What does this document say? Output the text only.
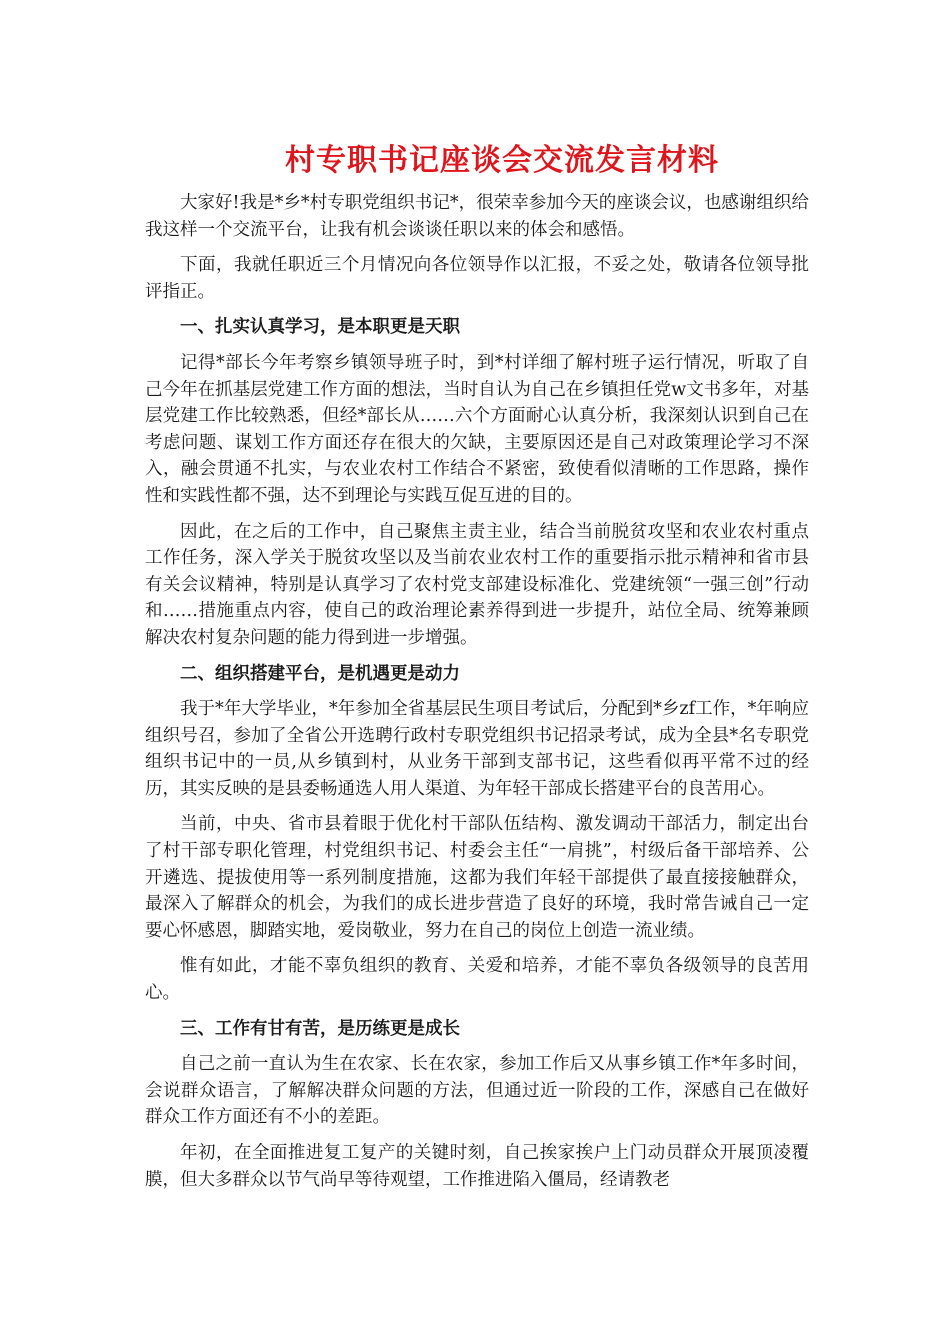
村专职书记座谈会交流发言材料

大家好!我是*乡*村专职党组织书记*，很荣幸参加今天的座谈会议，也感谢组织给我这样一个交流平台，让我有机会谈谈任职以来的体会和感悟。

下面，我就任职近三个月情况向各位领导作以汇报，不妥之处，敬请各位领导批评指正。

一、扎实认真学习，是本职更是天职

记得*部长今年考察乡镇领导班子时，到*村详细了解村班子运行情况，听取了自己今年在抓基层党建工作方面的想法，当时自认为自己在乡镇担任党w文书多年，对基层党建工作比较熟悉，但经*部长从……六个方面耐心认真分析，我深刻认识到自己在考虑问题、谋划工作方面还存在很大的欠缺，主要原因还是自己对政策理论学习不深入，融会贯通不扎实，与农业农村工作结合不紧密，致使看似清晰的工作思路，操作性和实践性都不强，达不到理论与实践互促互进的目的。

因此，在之后的工作中，自己聚焦主责主业，结合当前脱贫攻坚和农业农村重点工作任务，深入学关于脱贫攻坚以及当前农业农村工作的重要指示批示精神和省市县有关会议精神，特别是认真学习了农村党支部建设标准化、党建统领“一强三创”行动和……措施重点内容，使自己的政治理论素养得到进一步提升，站位全局、统筹兼顾解决农村复杂问题的能力得到进一步增强。

二、组织搭建平台，是机遇更是动力

我于*年大学毕业，*年参加全省基层民生项目考试后，分配到*乡zf工作，*年响应组织号召，参加了全省公开选聘行政村专职党组织书记招录考试，成为全县*名专职党组织书记中的一员,从乡镇到村，从业务干部到支部书记，这些看似再平常不过的经历，其实反映的是县委畅通选人用人渠道、为年轻干部成长搭建平台的良苦用心。

当前，中央、省市县着眼于优化村干部队伍结构、激发调动干部活力，制定出台了村干部专职化管理，村党组织书记、村委会主任“一肩挑”，村级后备干部培养、公开遴选、提拔使用等一系列制度措施，这都为我们年轻干部提供了最直接接触群众，最深入了解群众的机会，为我们的成长进步营造了良好的环境，我时常告诫自己一定要心怀感恩，脚踏实地，爱岗敬业，努力在自己的岗位上创造一流业绩。

惟有如此，才能不辜负组织的教育、关爱和培养，才能不辜负各级领导的良苦用心。

三、工作有甘有苦，是历练更是成长

自己之前一直认为生在农家、长在农家，参加工作后又从事乡镇工作*年多时间，会说群众语言，了解解决群众问题的方法，但通过近一阶段的工作，深感自己在做好群众工作方面还有不小的差距。

年初，在全面推进复工复产的关键时刻，自己挨家挨户上门动员群众开展顶凌覆膜，但大多群众以节气尚早等待观望，工作推进陷入僵局，经请教老
